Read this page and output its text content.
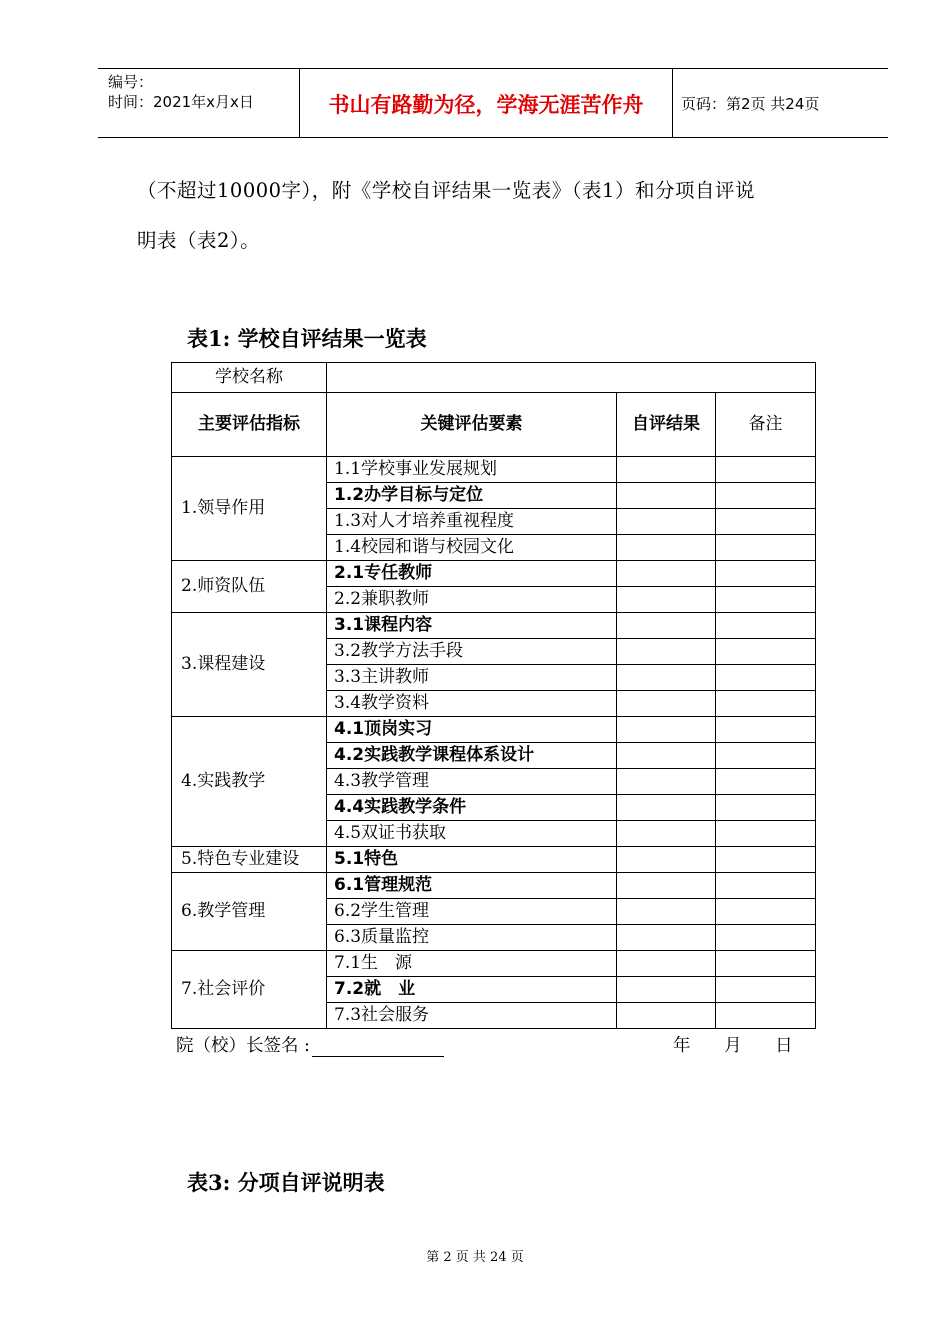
编号：
时间：2021年x月x日	书山有路勤为径，学海无涯苦作舟	页码：第2页 共24页
（不超过10000字），附《学校自评结果一览表》（表1）和分项自评说
明表（表2）。
表1: 学校自评结果一览表
学校名称			
主要评估指标	关键评估要素	自评结果	备注
1.领导作用	1.1学校事业发展规划		
	1.2办学目标与定位		
	1.3对人才培养重视程度		
	1.4校园和谐与校园文化		
2.师资队伍	2.1专任教师		
	2.2兼职教师		
3.课程建设	3.1课程内容		
	3.2教学方法手段		
	3.3主讲教师		
	3.4教学资料		
4.实践教学	4.1顶岗实习		
	4.2实践教学课程体系设计		
	4.3教学管理		
	4.4实践教学条件		
	4.5双证书获取		
5.特色专业建设	5.1特色		
6.教学管理	6.1管理规范		
	6.2学生管理		
	6.3质量监控		
7.社会评价	7.1生　源		
	7.2就　业		
	7.3社会服务		
院（校）长签名 :	年 月 日
表3: 分项自评说明表
第 2 页 共 24 页
